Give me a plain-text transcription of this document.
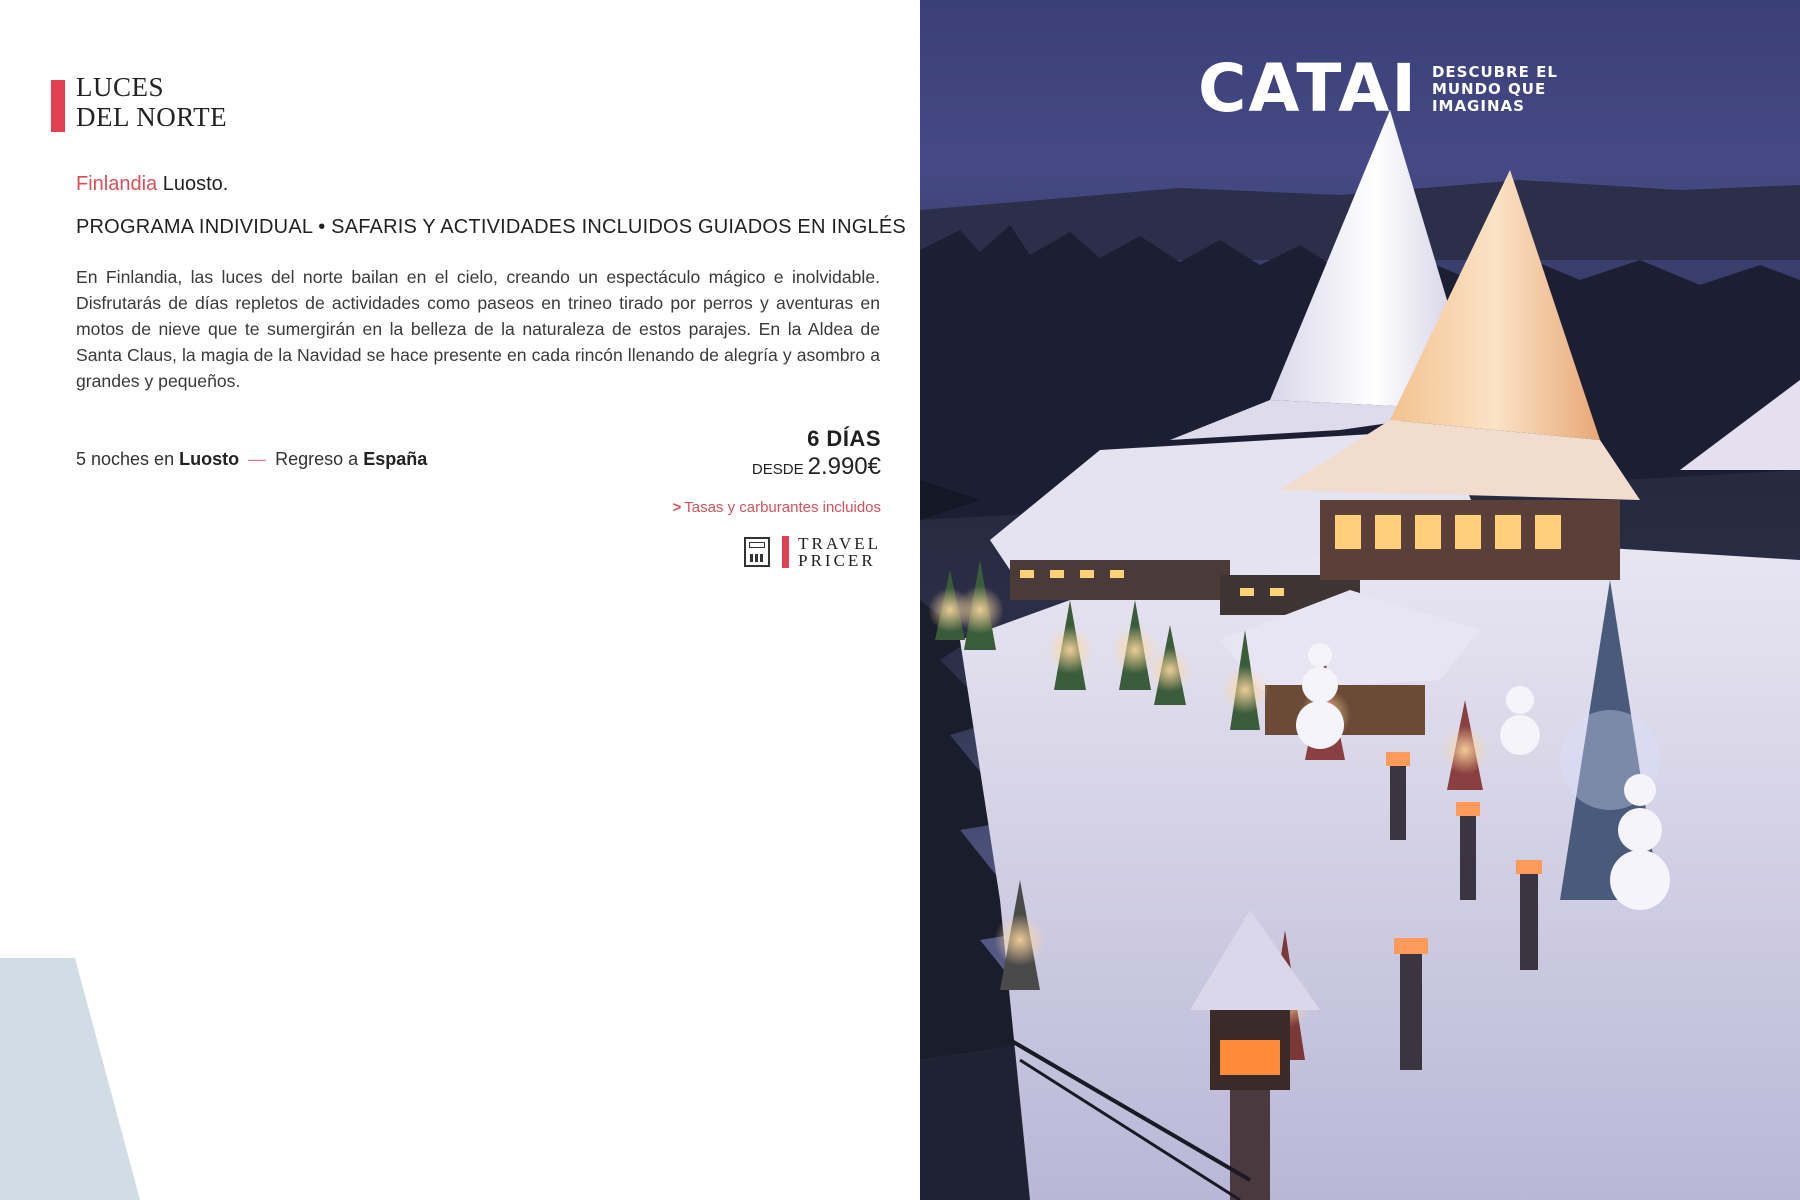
LUCES
DEL NORTE
Finlandia Luosto.
PROGRAMA INDIVIDUAL • SAFARIS Y ACTIVIDADES INCLUIDOS GUIADOS EN INGLÉS

En Finlandia, las luces del norte bailan en el cielo, creando un espectáculo mágico e inolvidable. Disfrutarás de días repletos de actividades como paseos en trineo tirado por perros y aventuras en motos de nieve que te sumergirán en la belleza de la naturaleza de estos parajes. En la Aldea de Santa Claus, la magia de la Navidad se hace presente en cada rincón llenando de alegría y asombro a grandes y pequeños.

5 noches en Luosto — Regreso a España
6 DÍAS
DESDE 2.990€
> Tasas y carburantes incluidos
TRAVEL
PRICER
CATAI DESCUBRE EL
MUNDO QUE
IMAGINAS
